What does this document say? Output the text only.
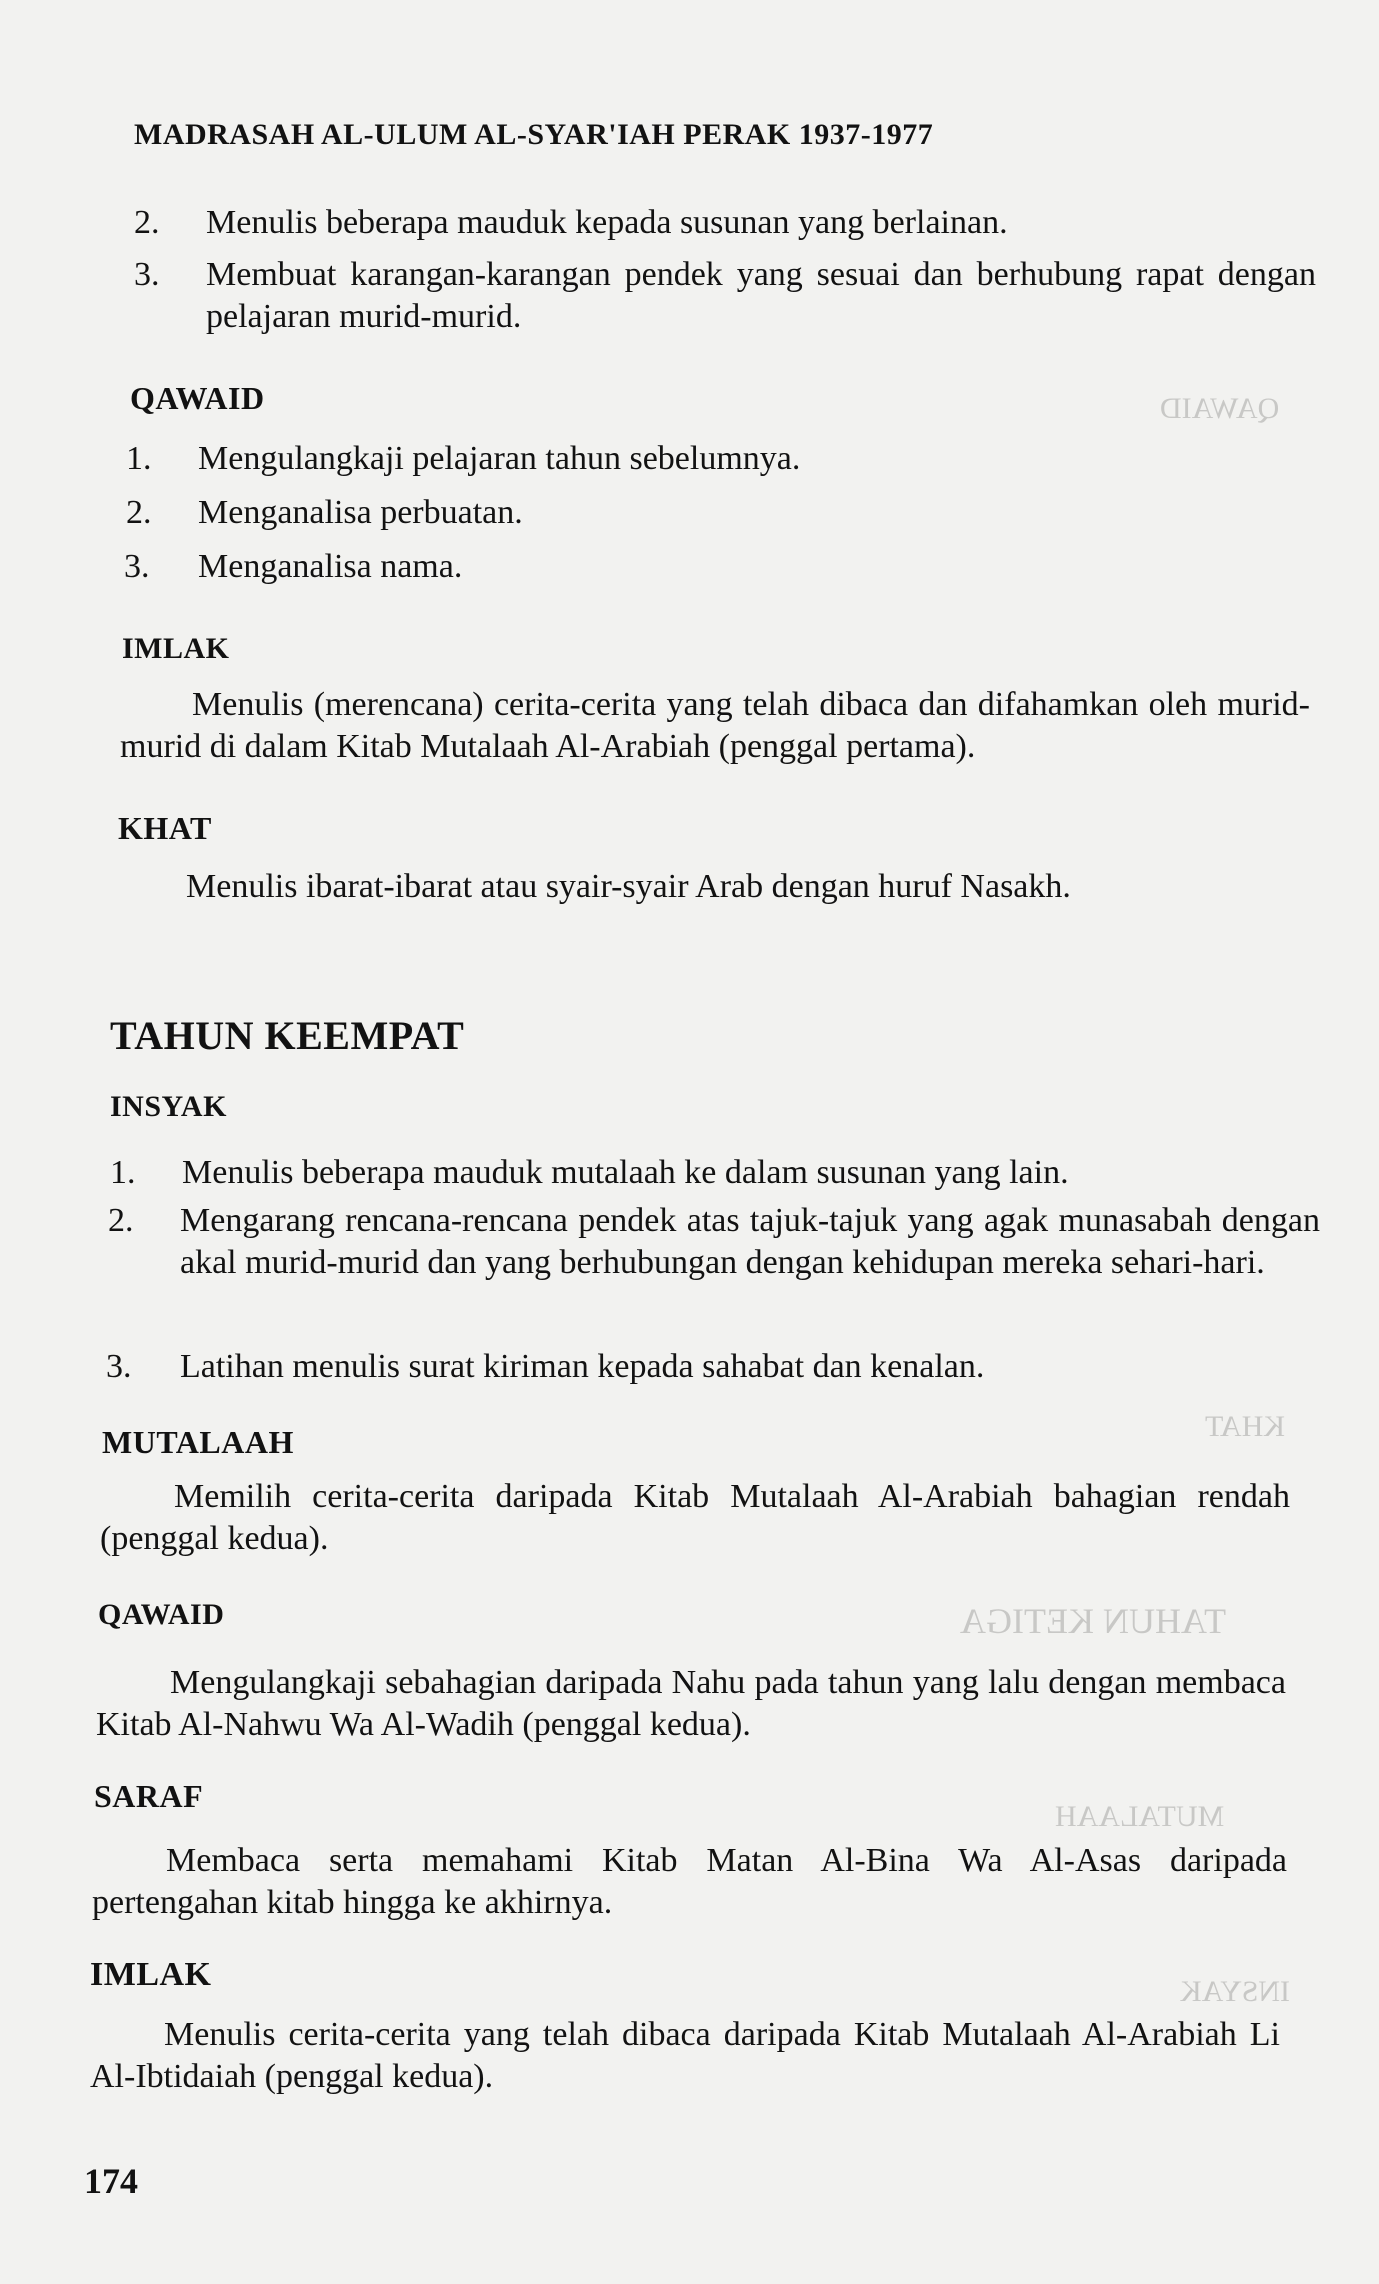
QAWAID
KHAT
TAHUN KETIGA
MUTALAAH
INSYAK
MADRASAH AL-ULUM AL-SYAR'IAH PERAK 1937-1977
2. Menulis beberapa mauduk kepada susunan yang berlainan.
3. Membuat karangan-karangan pendek yang sesuai dan berhubung rapat dengan pelajaran murid-murid.
QAWAID
1. Mengulangkaji pelajaran tahun sebelumnya.
2. Menganalisa perbuatan.
3. Menganalisa nama.
IMLAK
Menulis (merencana) cerita-cerita yang telah dibaca dan difahamkan oleh murid-murid di dalam Kitab Mutalaah Al-Arabiah (penggal pertama).
KHAT
Menulis ibarat-ibarat atau syair-syair Arab dengan huruf Nasakh.
TAHUN KEEMPAT
INSYAK
1. Menulis beberapa mauduk mutalaah ke dalam susunan yang lain.
2. Mengarang rencana-rencana pendek atas tajuk-tajuk yang agak munasabah dengan akal murid-murid dan yang berhubungan dengan kehidupan mereka sehari-hari.
3. Latihan menulis surat kiriman kepada sahabat dan kenalan.
MUTALAAH
Memilih cerita-cerita daripada Kitab Mutalaah Al-Arabiah bahagian rendah (penggal kedua).
QAWAID
Mengulangkaji sebahagian daripada Nahu pada tahun yang lalu dengan membaca Kitab Al-Nahwu Wa Al-Wadih (penggal kedua).
SARAF
Membaca serta memahami Kitab Matan Al-Bina Wa Al-Asas daripada pertengahan kitab hingga ke akhirnya.
IMLAK
Menulis cerita-cerita yang telah dibaca daripada Kitab Mutalaah Al-Arabiah Li Al-Ibtidaiah (penggal kedua).
174
